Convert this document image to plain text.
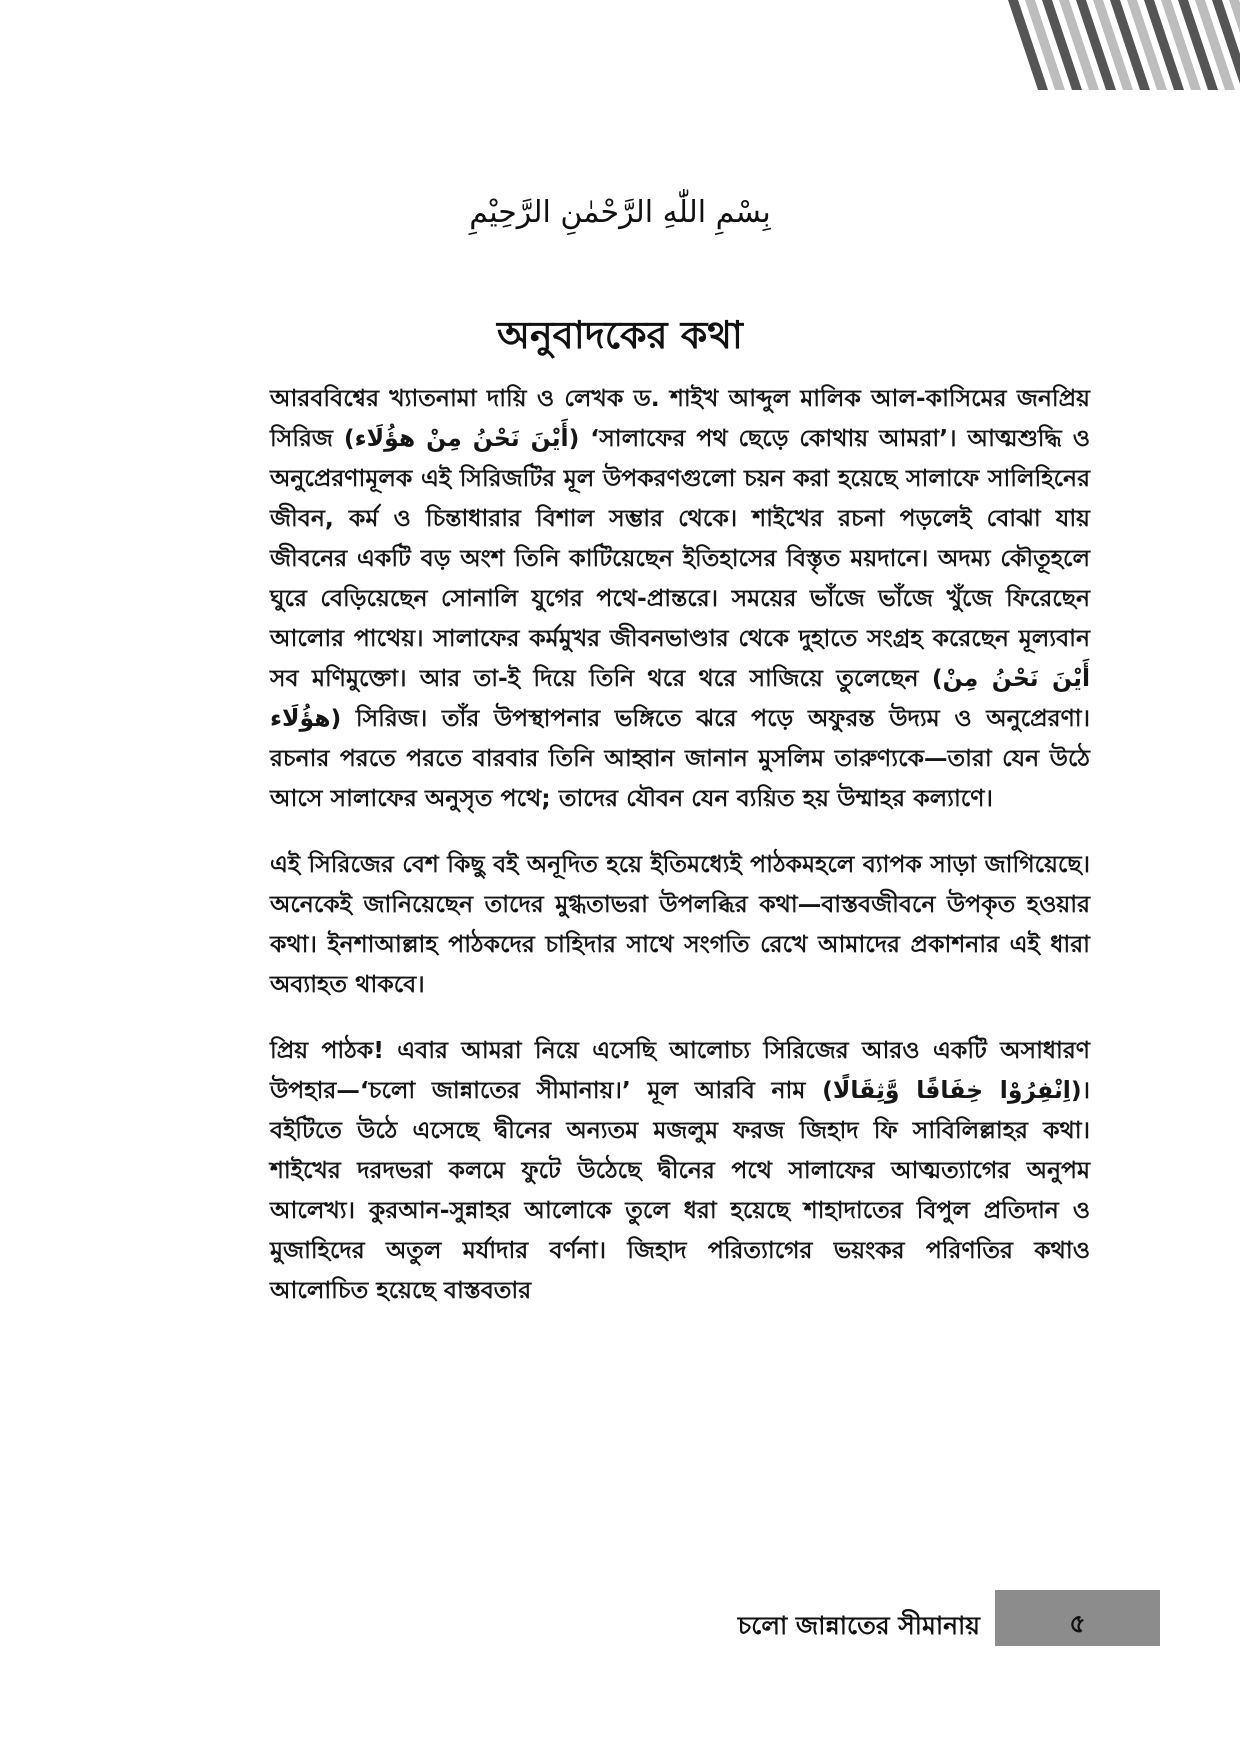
بِسْمِ اللّٰهِ الرَّحْمٰنِ الرَّحِيْمِ
অনুবাদকের কথা

আরববিশ্বের খ্যাতনামা দায়ি ও লেখক ড. শাইখ আব্দুল মালিক আল-কাসিমের জনপ্রিয় সিরিজ (أَيْنَ نَحْنُ مِنْ هؤُلَاء) ‘সালাফের পথ ছেড়ে কোথায় আমরা’। আত্মশুদ্ধি ও অনুপ্রেরণামূলক এই সিরিজটির মূল উপকরণগুলো চয়ন করা হয়েছে সালাফে সালিহিনের জীবন, কর্ম ও চিন্তাধারার বিশাল সম্ভার থেকে। শাইখের রচনা পড়লেই বোঝা যায় জীবনের একটি বড় অংশ তিনি কাটিয়েছেন ইতিহাসের বিস্তৃত ময়দানে। অদম্য কৌতূহলে ঘুরে বেড়িয়েছেন সোনালি যুগের পথে-প্রান্তরে। সময়ের ভাঁজে ভাঁজে খুঁজে ফিরেছেন আলোর পাথেয়। সালাফের কর্মমুখর জীবনভাণ্ডার থেকে দুহাতে সংগ্রহ করেছেন মূল্যবান সব মণিমুক্তো। আর তা-ই দিয়ে তিনি থরে থরে সাজিয়ে তুলেছেন (أَيْنَ نَحْنُ مِنْ هؤُلَاء) সিরিজ। তাঁর উপস্থাপনার ভঙ্গিতে ঝরে পড়ে অফুরন্ত উদ্যম ও অনুপ্রেরণা। রচনার পরতে পরতে বারবার তিনি আহ্বান জানান মুসলিম তারুণ্যকে—তারা যেন উঠে আসে সালাফের অনুসৃত পথে; তাদের যৌবন যেন ব্যয়িত হয় উম্মাহর কল্যাণে।

এই সিরিজের বেশ কিছু বই অনূদিত হয়ে ইতিমধ্যেই পাঠকমহলে ব্যাপক সাড়া জাগিয়েছে। অনেকেই জানিয়েছেন তাদের মুগ্ধতাভরা উপলব্ধির কথা—বাস্তবজীবনে উপকৃত হওয়ার কথা। ইনশাআল্লাহ পাঠকদের চাহিদার সাথে সংগতি রেখে আমাদের প্রকাশনার এই ধারা অব্যাহত থাকবে।

প্রিয় পাঠক! এবার আমরা নিয়ে এসেছি আলোচ্য সিরিজের আরও একটি অসাধারণ উপহার—‘চলো জান্নাতের সীমানায়।’ মূল আরবি নাম (اِنْفِرُوْا خِفَافًا وَّثِقَالًا)। বইটিতে উঠে এসেছে দ্বীনের অন্যতম মজলুম ফরজ জিহাদ ফি সাবিলিল্লাহর কথা। শাইখের দরদভরা কলমে ফুটে উঠেছে দ্বীনের পথে সালাফের আত্মত্যাগের অনুপম আলেখ্য। কুরআন-সুন্নাহর আলোকে তুলে ধরা হয়েছে শাহাদাতের বিপুল প্রতিদান ও মুজাহিদের অতুল মর্যাদার বর্ণনা। জিহাদ পরিত্যাগের ভয়ংকর পরিণতির কথাও আলোচিত হয়েছে বাস্তবতার

চলো জান্নাতের সীমানায়	৫
